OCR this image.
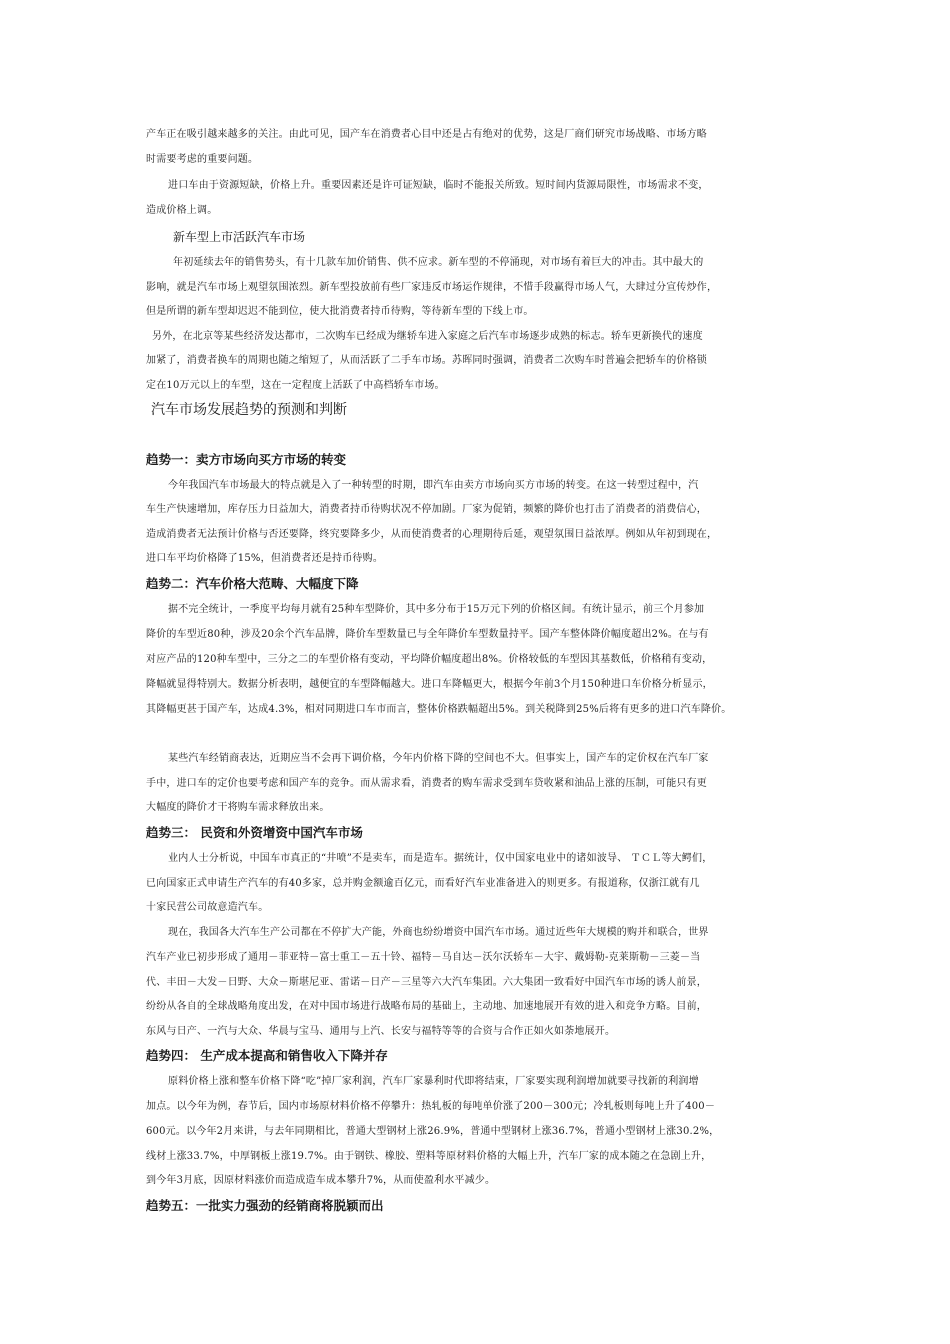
产车正在吸引越来越多的关注。由此可见，国产车在消费者心目中还是占有绝对的优势，这是厂商们研究市场战略、市场方略
时需要考虑的重要问题。
进口车由于资源短缺，价格上升。重要因素还是许可证短缺，临时不能报关所致。短时间内货源局限性，市场需求不变，
造成价格上调。
新车型上市活跃汽车市场
年初延续去年的销售势头，有十几款车加价销售、供不应求。新车型的不停涌现，对市场有着巨大的冲击。其中最大的
影响，就是汽车市场上观望氛围浓烈。新车型投放前有些厂家违反市场运作规律，不惜手段赢得市场人气，大肆过分宣传炒作，
但是所谓的新车型却迟迟不能到位，使大批消费者持币待购，等待新车型的下线上市。
另外，在北京等某些经济发达都市，二次购车已经成为继轿车进入家庭之后汽车市场逐步成熟的标志。轿车更新换代的速度
加紧了，消费者换车的周期也随之缩短了，从而活跃了二手车市场。苏晖同时强调，消费者二次购车时普遍会把轿车的价格锁
定在10万元以上的车型，这在一定程度上活跃了中高档轿车市场。
汽车市场发展趋势的预测和判断
趋势一：卖方市场向买方市场的转变
今年我国汽车市场最大的特点就是入了一种转型的时期，即汽车由卖方市场向买方市场的转变。在这一转型过程中，汽
车生产快速增加，库存压力日益加大，消费者持币待购状况不停加剧。厂家为促销，频繁的降价也打击了消费者的消费信心，
造成消费者无法预计价格与否还要降，终究要降多少，从而使消费者的心理期待后延，观望氛围日益浓厚。例如从年初到现在，
进口车平均价格降了15%，但消费者还是持币待购。
趋势二：汽车价格大范畴、大幅度下降
据不完全统计，一季度平均每月就有25种车型降价，其中多分布于15万元下列的价格区间。有统计显示，前三个月参加
降价的车型近80种，涉及20余个汽车品牌，降价车型数量已与全年降价车型数量持平。国产车整体降价幅度超出2%。在与有
对应产品的120种车型中，三分之二的车型价格有变动，平均降价幅度超出8%。价格较低的车型因其基数低，价格稍有变动，
降幅就显得特别大。数据分析表明，越便宜的车型降幅越大。进口车降幅更大，根据今年前3个月150种进口车价格分析显示，
其降幅更甚于国产车，达成4.3%，相对同期进口车市而言，整体价格跌幅超出5%。到关税降到25%后将有更多的进口汽车降价。
某些汽车经销商表达，近期应当不会再下调价格，今年内价格下降的空间也不大。但事实上，国产车的定价权在汽车厂家
手中，进口车的定价也要考虑和国产车的竞争。而从需求看，消费者的购车需求受到车贷收紧和油品上涨的压制，可能只有更
大幅度的降价才干将购车需求释放出来。
趋势三： 民资和外资增资中国汽车市场
业内人士分析说，中国车市真正的“井喷”不是卖车，而是造车。据统计，仅中国家电业中的诸如波导、 ＴＣＬ等大鳄们，
已向国家正式申请生产汽车的有40多家，总并购金额逾百亿元，而看好汽车业准备进入的则更多。有报道称，仅浙江就有几
十家民营公司故意造汽车。
现在，我国各大汽车生产公司都在不停扩大产能，外商也纷纷增资中国汽车市场。通过近些年大规模的购并和联合，世界
汽车产业已初步形成了通用－菲亚特－富士重工－五十铃、福特－马自达－沃尔沃轿车－大宇、戴姆勒-克莱斯勒－三菱－当
代、丰田－大发－日野、大众－斯堪尼亚、雷诺－日产－三星等六大汽车集团。六大集团一致看好中国汽车市场的诱人前景，
纷纷从各自的全球战略角度出发，在对中国市场进行战略布局的基础上，主动地、加速地展开有效的进入和竞争方略。目前，
东风与日产、一汽与大众、华晨与宝马、通用与上汽、长安与福特等等的合资与合作正如火如荼地展开。
趋势四： 生产成本提高和销售收入下降并存
原料价格上涨和整车价格下降“吃”掉厂家利润，汽车厂家暴利时代即将结束，厂家要实现利润增加就要寻找新的利润增
加点。以今年为例，春节后，国内市场原材料价格不停攀升：热轧板的每吨单价涨了200－300元；冷轧板则每吨上升了400－
600元。以今年2月来讲，与去年同期相比，普通大型钢材上涨26.9%，普通中型钢材上涨36.7%，普通小型钢材上涨30.2%，
线材上涨33.7%，中厚钢板上涨19.7%。由于钢铁、橡胶、塑料等原材料价格的大幅上升，汽车厂家的成本随之在急剧上升，
到今年3月底，因原材料涨价而造成造车成本攀升7%，从而使盈利水平减少。
趋势五：一批实力强劲的经销商将脱颖而出
